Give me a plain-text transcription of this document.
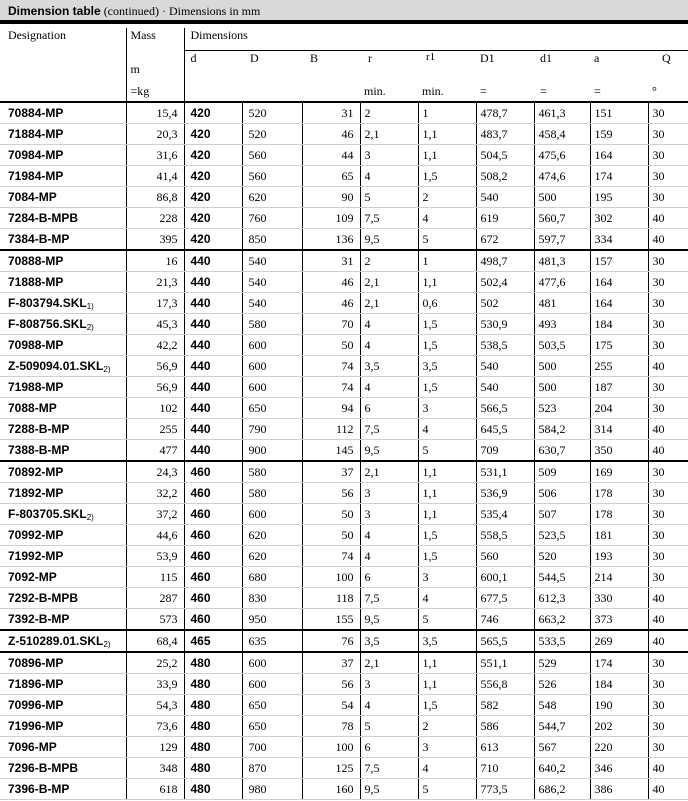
Dimension table (continued) · Dimensions in mm
Designation	Mass	Dimensions								
	m	d	D	B	r	r1	D1	d1	a	Q
	=kg				min.	min.	=	=	=	°
70884-MP	15,4	420	520	31	2	1	478,7	461,3	151	30
71884-MP	20,3	420	520	46	2,1	1,1	483,7	458,4	159	30
70984-MP	31,6	420	560	44	3	1,1	504,5	475,6	164	30
71984-MP	41,4	420	560	65	4	1,5	508,2	474,6	174	30
7084-MP	86,8	420	620	90	5	2	540	500	195	30
7284-B-MPB	228	420	760	109	7,5	4	619	560,7	302	40
7384-B-MP	395	420	850	136	9,5	5	672	597,7	334	40
70888-MP	16	440	540	31	2	1	498,7	481,3	157	30
71888-MP	21,3	440	540	46	2,1	1,1	502,4	477,6	164	30
F-803794.SKL1)	17,3	440	540	46	2,1	0,6	502	481	164	30
F-808756.SKL2)	45,3	440	580	70	4	1,5	530,9	493	184	30
70988-MP	42,2	440	600	50	4	1,5	538,5	503,5	175	30
Z-509094.01.SKL2)	56,9	440	600	74	3,5	3,5	540	500	255	40
71988-MP	56,9	440	600	74	4	1,5	540	500	187	30
7088-MP	102	440	650	94	6	3	566,5	523	204	30
7288-B-MP	255	440	790	112	7,5	4	645,5	584,2	314	40
7388-B-MP	477	440	900	145	9,5	5	709	630,7	350	40
70892-MP	24,3	460	580	37	2,1	1,1	531,1	509	169	30
71892-MP	32,2	460	580	56	3	1,1	536,9	506	178	30
F-803705.SKL2)	37,2	460	600	50	3	1,1	535,4	507	178	30
70992-MP	44,6	460	620	50	4	1,5	558,5	523,5	181	30
71992-MP	53,9	460	620	74	4	1,5	560	520	193	30
7092-MP	115	460	680	100	6	3	600,1	544,5	214	30
7292-B-MPB	287	460	830	118	7,5	4	677,5	612,3	330	40
7392-B-MP	573	460	950	155	9,5	5	746	663,2	373	40
Z-510289.01.SKL2)	68,4	465	635	76	3,5	3,5	565,5	533,5	269	40
70896-MP	25,2	480	600	37	2,1	1,1	551,1	529	174	30
71896-MP	33,9	480	600	56	3	1,1	556,8	526	184	30
70996-MP	54,3	480	650	54	4	1,5	582	548	190	30
71996-MP	73,6	480	650	78	5	2	586	544,7	202	30
7096-MP	129	480	700	100	6	3	613	567	220	30
7296-B-MPB	348	480	870	125	7,5	4	710	640,2	346	40
7396-B-MP	618	480	980	160	9,5	5	773,5	686,2	386	40
